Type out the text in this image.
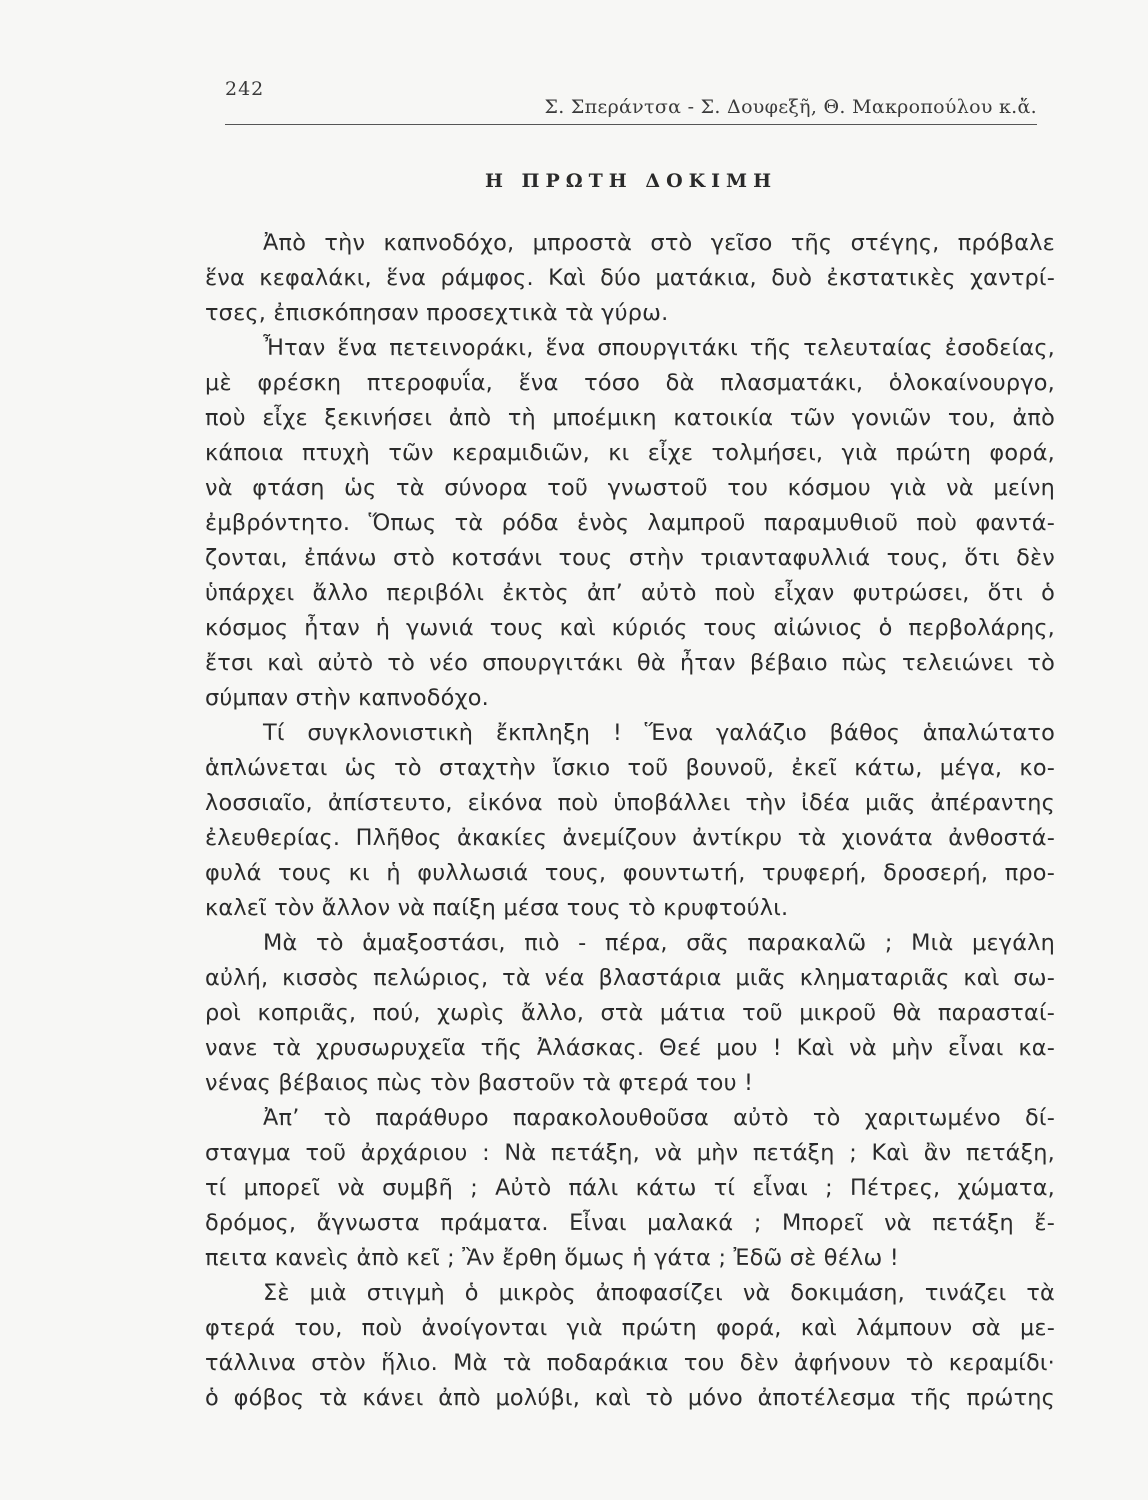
242
Σ. Σπεράντσα - Σ. Δουφεξῆ, Θ. Μακροπούλου κ.ἄ.
Η ΠΡΩΤΗ ΔΟΚΙΜΗ
Ἀπὸ τὴν καπνοδόχο, μπροστὰ στὸ γεῖσο τῆς στέγης, πρόβαλε
ἕνα κεφαλάκι, ἕνα ράμφος. Καὶ δύο ματάκια, δυὸ ἐκστατικὲς χαντρί-
τσες, ἐπισκόπησαν προσεχτικὰ τὰ γύρω.
Ἦταν ἕνα πετεινοράκι, ἕνα σπουργιτάκι τῆς τελευταίας ἐσοδείας,
μὲ φρέσκη πτεροφυΐα, ἕνα τόσο δὰ πλασματάκι, ὁλοκαίνουργο,
ποὺ εἶχε ξεκινήσει ἀπὸ τὴ μποέμικη κατοικία τῶν γονιῶν του, ἀπὸ
κάποια πτυχὴ τῶν κεραμιδιῶν, κι εἶχε τολμήσει, γιὰ πρώτη φορά,
νὰ φτάση ὡς τὰ σύνορα τοῦ γνωστοῦ του κόσμου γιὰ νὰ μείνη
ἐμβρόντητο. Ὅπως τὰ ρόδα ἑνὸς λαμπροῦ παραμυθιοῦ ποὺ φαντά-
ζονται, ἐπάνω στὸ κοτσάνι τους στὴν τριανταφυλλιά τους, ὅτι δὲν
ὑπάρχει ἄλλο περιβόλι ἐκτὸς ἀπ’ αὐτὸ ποὺ εἶχαν φυτρώσει, ὅτι ὁ
κόσμος ἦταν ἡ γωνιά τους καὶ κύριός τους αἰώνιος ὁ περβολάρης,
ἔτσι καὶ αὐτὸ τὸ νέο σπουργιτάκι θὰ ἦταν βέβαιο πὼς τελειώνει τὸ
σύμπαν στὴν καπνοδόχο.
Τί συγκλονιστικὴ ἔκπληξη ! Ἕνα γαλάζιο βάθος ἁπαλώτατο
ἁπλώνεται ὡς τὸ σταχτὴν ἴσκιο τοῦ βουνοῦ, ἐκεῖ κάτω, μέγα, κο-
λοσσιαῖο, ἀπίστευτο, εἰκόνα ποὺ ὑποβάλλει τὴν ἰδέα μιᾶς ἀπέραντης
ἐλευθερίας. Πλῆθος ἀκακίες ἀνεμίζουν ἀντίκρυ τὰ χιονάτα ἀνθοστά-
φυλά τους κι ἡ φυλλωσιά τους, φουντωτή, τρυφερή, δροσερή, προ-
καλεῖ τὸν ἄλλον νὰ παίξη μέσα τους τὸ κρυφτούλι.
Μὰ τὸ ἁμαξοστάσι, πιὸ - πέρα, σᾶς παρακαλῶ ; Μιὰ μεγάλη
αὐλή, κισσὸς πελώριος, τὰ νέα βλαστάρια μιᾶς κληματαριᾶς καὶ σω-
ροὶ κοπριᾶς, πού, χωρὶς ἄλλο, στὰ μάτια τοῦ μικροῦ θὰ παρασταί-
νανε τὰ χρυσωρυχεῖα τῆς Ἀλάσκας. Θεέ μου ! Καὶ νὰ μὴν εἶναι κα-
νένας βέβαιος πὼς τὸν βαστοῦν τὰ φτερά του !
Ἀπ’ τὸ παράθυρο παρακολουθοῦσα αὐτὸ τὸ χαριτωμένο δί-
σταγμα τοῦ ἀρχάριου : Νὰ πετάξη, νὰ μὴν πετάξη ; Καὶ ἂν πετάξη,
τί μπορεῖ νὰ συμβῆ ; Αὐτὸ πάλι κάτω τί εἶναι ; Πέτρες, χώματα,
δρόμος, ἄγνωστα πράματα. Εἶναι μαλακά ; Μπορεῖ νὰ πετάξη ἔ-
πειτα κανεὶς ἀπὸ κεῖ ; Ἂν ἔρθη ὅμως ἡ γάτα ; Ἐδῶ σὲ θέλω !
Σὲ μιὰ στιγμὴ ὁ μικρὸς ἀποφασίζει νὰ δοκιμάση, τινάζει τὰ
φτερά του, ποὺ ἀνοίγονται γιὰ πρώτη φορά, καὶ λάμπουν σὰ με-
τάλλινα στὸν ἥλιο. Μὰ τὰ ποδαράκια του δὲν ἀφήνουν τὸ κεραμίδι·
ὁ φόβος τὰ κάνει ἀπὸ μολύβι, καὶ τὸ μόνο ἀποτέλεσμα τῆς πρώτης
